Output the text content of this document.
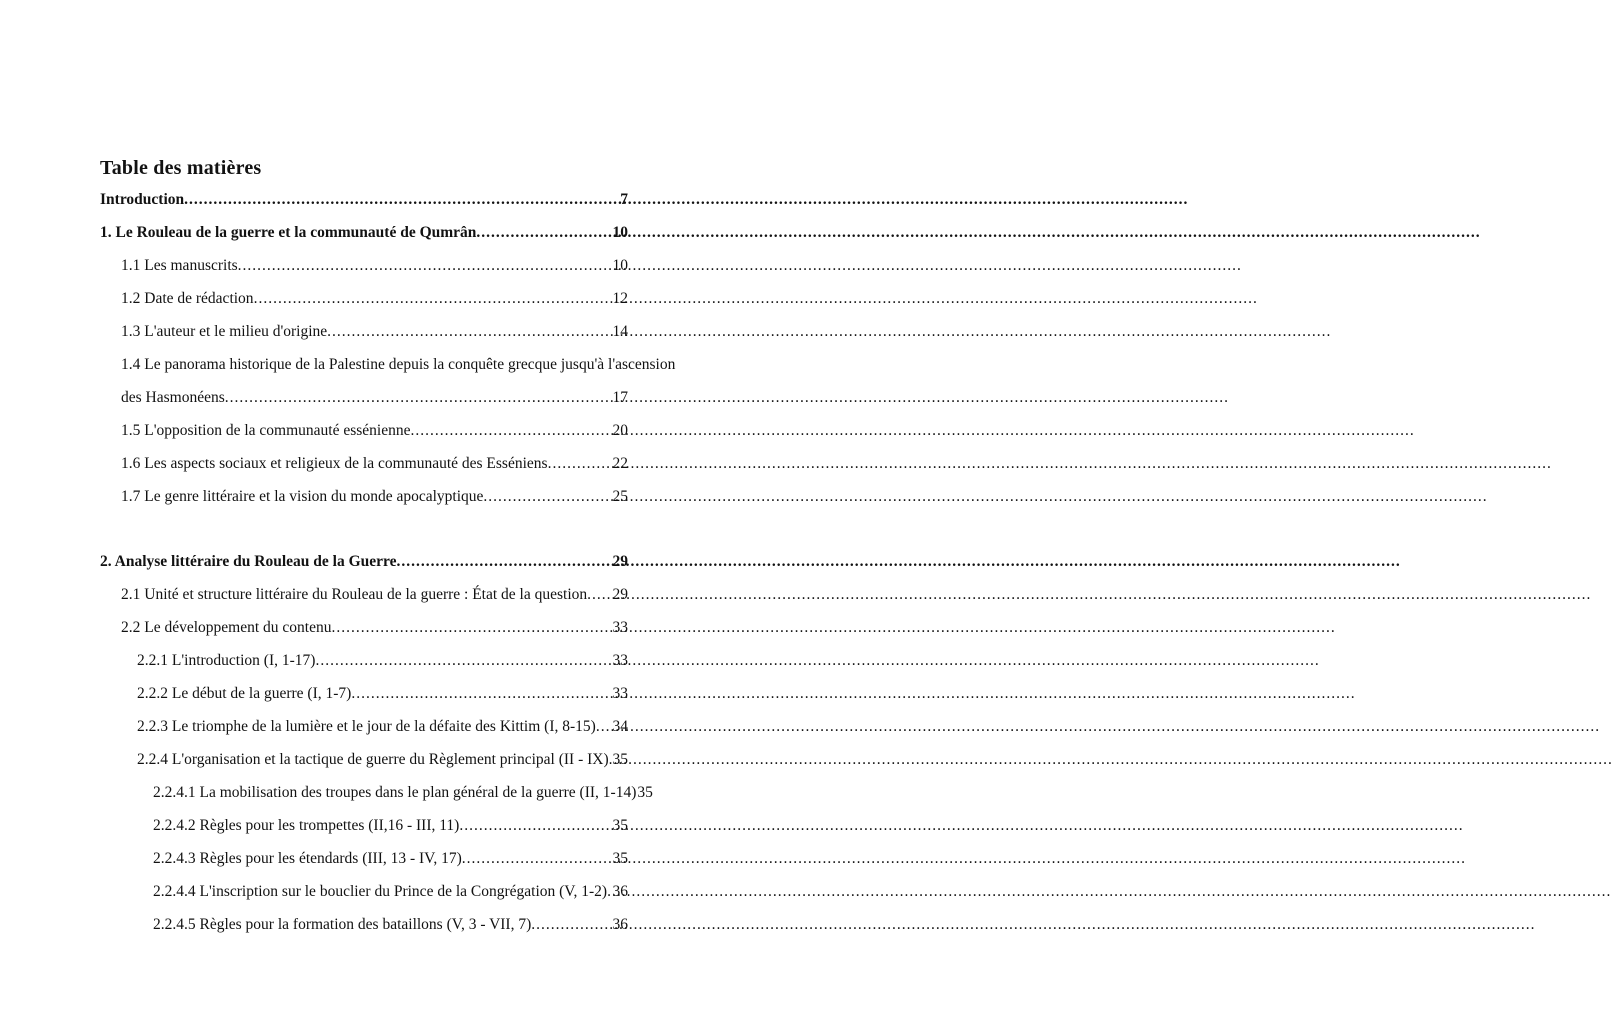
Table des matières
Introduction .....	7
1. Le Rouleau de la guerre et la communauté de Qumrân .....	10
1.1 Les manuscrits .....	10
1.2 Date de rédaction .....	12
1.3 L'auteur et le milieu d'origine .....	14
1.4 Le panorama historique de la Palestine depuis la conquête grecque jusqu'à l'ascension
des Hasmonéens .....	17
1.5 L'opposition de la communauté essénienne .....	20
1.6 Les aspects sociaux et religieux de la communauté des Esséniens .....	22
1.7 Le genre littéraire et la vision du monde apocalyptique .....	25
2. Analyse littéraire du Rouleau de la Guerre .....	29
2.1 Unité et structure littéraire du Rouleau de la guerre : État de la question ..... 29
2.2 Le développement du contenu .....	33
2.2.1 L'introduction (I, 1-17) .....	33
2.2.2 Le début de la guerre (I, 1-7) .....	33
2.2.3 Le triomphe de la lumière et le jour de la défaite des Kittim (I, 8-15) ..... 34
2.2.4 L'organisation et la tactique de guerre du Règlement principal (II - IX) ..... 35
2.2.4.1 La mobilisation des troupes dans le plan général de la guerre (II, 1-14) 35
2.2.4.2 Règles pour les trompettes (II,16 - III, 11) .....	35
2.2.4.3 Règles pour les étendards (III, 13 - IV, 17) .....	35
2.2.4.4 L'inscription sur le bouclier du Prince de la Congrégation (V, 1-2) ..... 36
2.2.4.5 Règles pour la formation des bataillons (V, 3 - VII, 7) .....	36
